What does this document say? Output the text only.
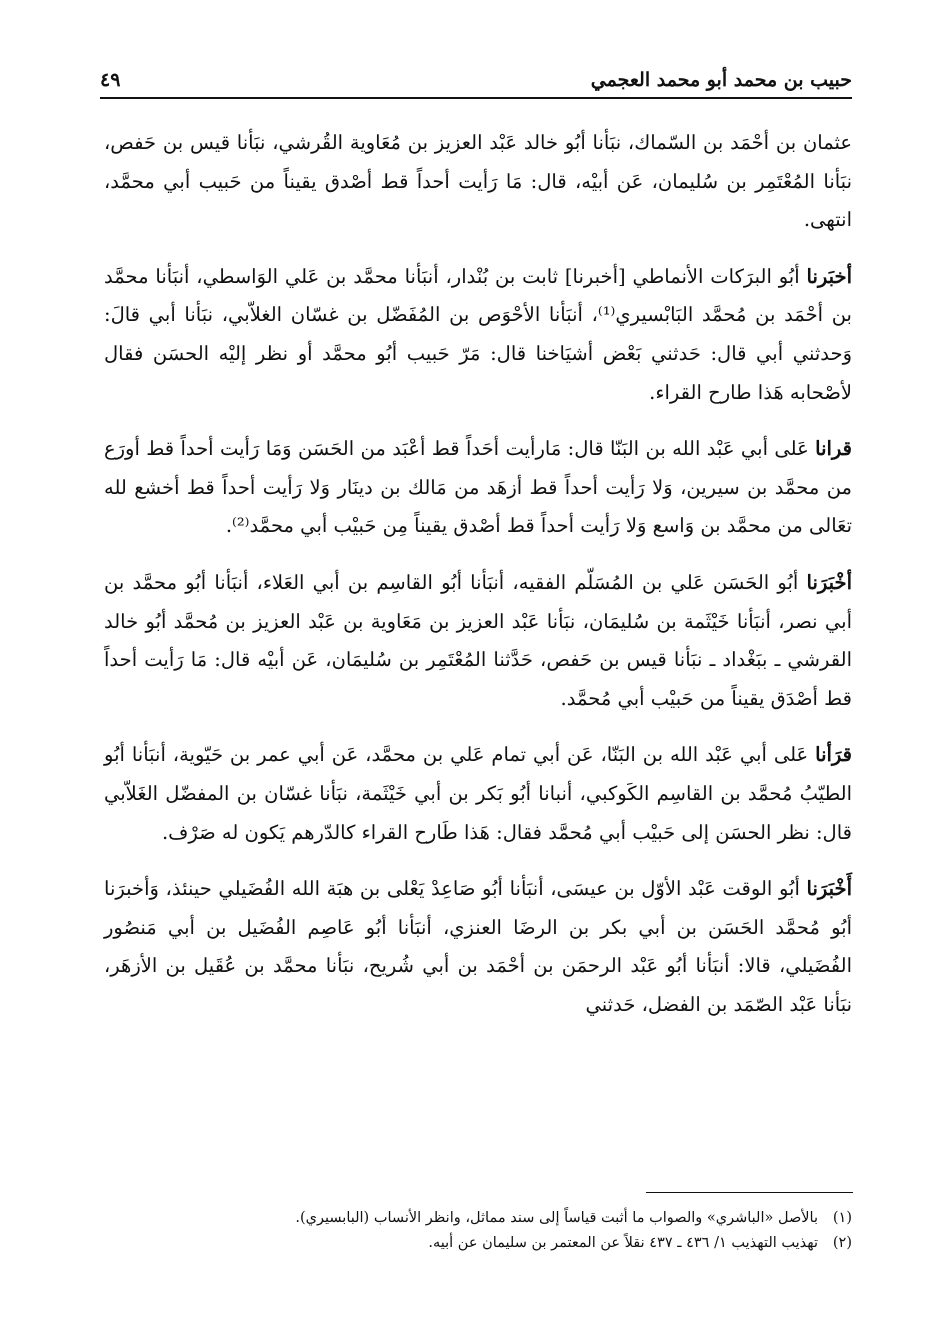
حبيب بن محمد أبو محمد العجمي
٤٩

عثمان بن أحْمَد بن السّماك، نبَأنا أبُو خالد عَبْد العزيز بن مُعَاوية القُرشي، نبَأنا قيس بن حَفص، نبَأنا المُعْتَمِر بن سُليمان، عَن أبيْه، قال: مَا رَأيت أحداً قط أصْدق يقيناً من حَبيب أبي محمَّد، انتهى.

أخبَرنا أبُو البرَكات الأنماطي [أخبرنا] ثابت بن بُنْدار، أنبَأنا محمَّد بن عَلي الوَاسطي، أنبَأنا محمَّد بن أحْمَد بن مُحمَّد البَابْسيري⁽¹⁾، أنبَأنا الأحْوَص بن المُفَضّل بن غسّان الغلاّبي، نبَأنا أبي قالَ: وَحدثني أبي قال: حَدثني بَعْض أشيَاخنا قال: مَرّ حَبيب أبُو محمَّد أو نظر إليْه الحسَن فقال لأصْحابه هَذا طارح القراء.

قرانا عَلى أبي عَبْد الله بن البَنّا قال: مَارأيت أحَداً قط أعْبَد من الحَسَن وَمَا رَأيت أحداً قط أورَع من محمَّد بن سيرين، وَلا رَأيت أحداً قط أزهَد من مَالك بن دينَار وَلا رَأيت أحداً قط أخشع لله تعَالى من محمَّد بن وَاسع وَلا رَأيت أحداً قط أصْدق يقيناً مِن حَبيْب أبي محمَّد⁽²⁾.

أخْبَرَنا أبُو الحَسَن عَلي بن المُسَلّم الفقيه، أنبَأنا أبُو القاسِم بن أبي العَلاء، أنبَأنا أبُو محمَّد بن أبي نصر، أنبَأنا خَيْثَمة بن سُليمَان، نبَأنا عَبْد العزيز بن مَعَاوية بن عَبْد العزيز بن مُحمَّد أبُو خالد القرشي ـ ببَغْداد ـ نبَأنا قيس بن حَفص، حَدَّثنا المُعْتَمِر بن سُليمَان، عَن أبيْه قال: مَا رَأيت أحداً قط أصْدَق يقيناً من حَبيْب أبي مُحمَّد.

قرَأنا عَلى أبي عَبْد الله بن البَنّا، عَن أبي تمام عَلي بن محمَّد، عَن أبي عمر بن حَيّوية، أنبَأنا أبُو الطيّبُ مُحمَّد بن القاسِم الكَوكبي، أنبانا أبُو بَكر بن أبي خَيْثَمة، نبَأنا غسّان بن المفضّل الغَلاّبي قال: نظر الحسَن إلى حَبيْب أبي مُحمَّد فقال: هَذا طَارح القراء كالدّرهم يَكون له صَرْف.

أَخْبَرَنا أبُو الوقت عَبْد الأوّل بن عيسَى، أنبَأنا أبُو صَاعِدْ يَعْلى بن هبَة الله الفُضَيلي حينئذ، وَأخبرَنا أبُو مُحمَّد الحَسَن بن أبي بكر بن الرضَا العنزي، أنبَأنا أبُو عَاصِم الفُضَيل بن أبي مَنصُور الفُضَيلي، قالا: أنبَأنا أبُو عَبْد الرحمَن بن أحْمَد بن أبي شُريح، نبَأنا محمَّد بن عُقَيل بن الأزهَر، نبَأنا عَبْد الصّمَد بن الفضل، حَدثني

(١)
بالأصل «الباشري» والصواب ما أثبت قياساً إلى سند مماثل، وانظر الأنساب (البابسيري).
(٢)
تهذيب التهذيب ١/ ٤٣٦ ـ ٤٣٧ نقلاً عن المعتمر بن سليمان عن أبيه.
